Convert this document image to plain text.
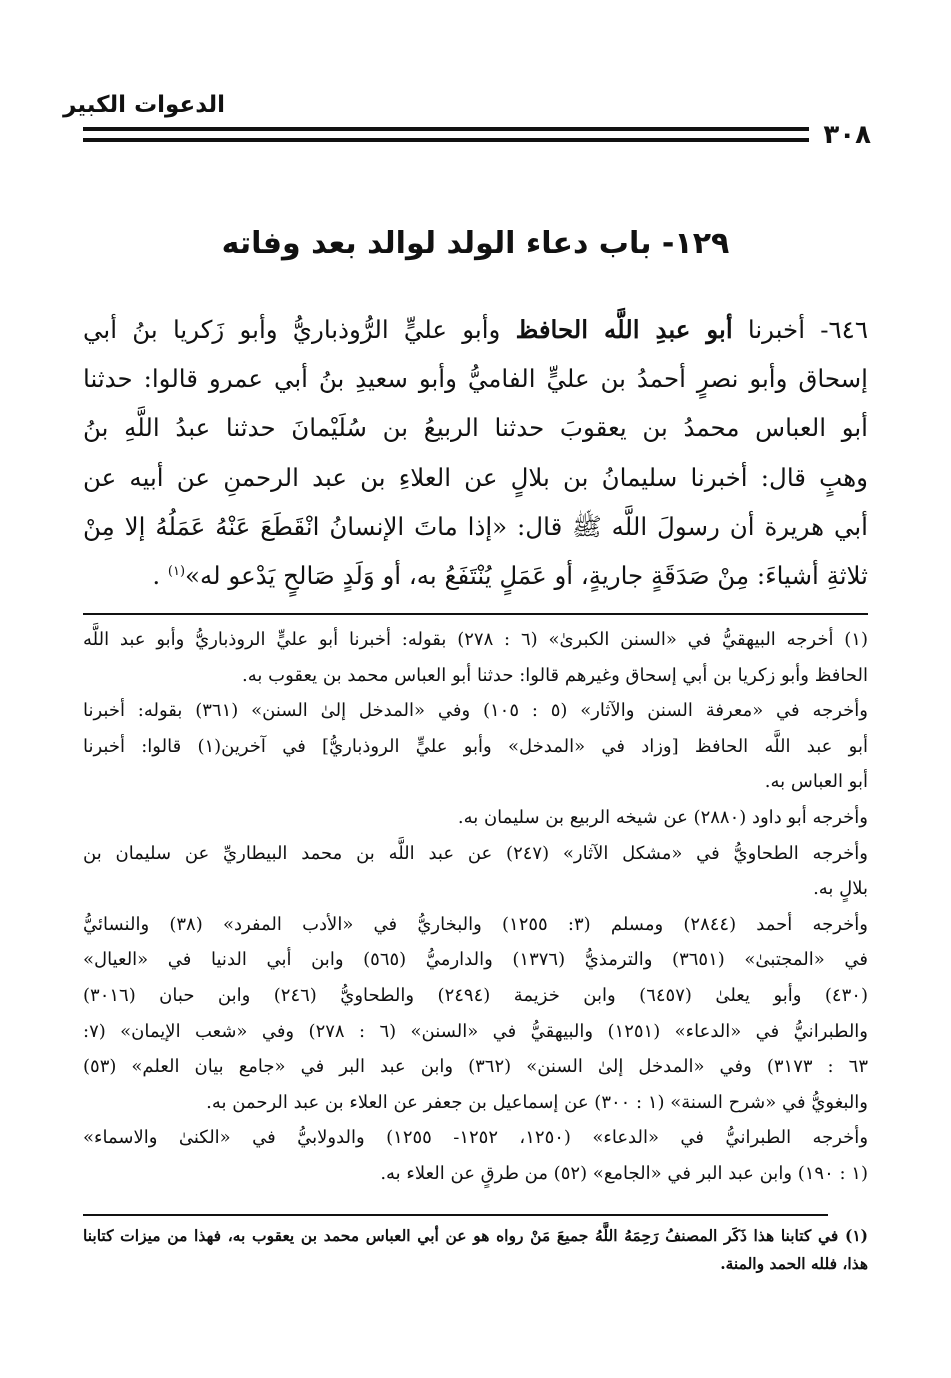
الدعوات الكبير
٣٠٨
١٢٩- باب دعاء الولد لوالد بعد وفاته
٦٤٦- أخبرنا أبو عبدِ اللَّه الحافظ وأبو عليٍّ الرُّوذباريُّ وأبو زَكريا بنُ أبي
إسحاق وأبو نصرٍ أحمدُ بن عليٍّ الفاميُّ وأبو سعيدِ بنُ أبي عمرو قالوا: حدثنا
أبو العباس محمدُ بن يعقوبَ حدثنا الربيعُ بن سُلَيْمانَ حدثنا عبدُ اللَّهِ بنُ
وهبٍ قال: أخبرنا سليمانُ بن بلالٍ عن العلاءِ بن عبد الرحمنِ عن أبيه عن
أبي هريرة أن رسولَ اللَّه ﷺ قال: «إذا ماتَ الإنسانُ انْقَطَعَ عَنْهُ عَمَلُهُ إلا مِنْ
ثلاثةِ أشياءَ: مِنْ صَدَقَةٍ جاريةٍ، أو عَمَلٍ يُنْتَفَعُ به، أو وَلَدٍ صَالحٍ يَدْعو له»$^{(١)}$ .
(١) أخرجه البيهقيُّ في «السنن الكبرىٰ» (٦ : ٢٧٨) بقوله: أخبرنا أبو عليٍّ الروذباريُّ وأبو عبد اللَّه
الحافظ وأبو زكريا بن أبي إسحاق وغيرهم قالوا: حدثنا أبو العباس محمد بن يعقوب به.
وأخرجه في «معرفة السنن والآثار» (٥ : ١٠٥) وفي «المدخل إلىٰ السنن» (٣٦١) بقوله: أخبرنا
أبو عبد اللَّه الحافظ [وزاد في «المدخل» وأبو عليٍّ الروذباريُّ] في آخرين(١) قالوا: أخبرنا
أبو العباس به.
وأخرجه أبو داود (٢٨٨٠) عن شيخه الربيع بن سليمان به.
وأخرجه الطحاويُّ في «مشكل الآثار» (٢٤٧) عن عبد اللَّه بن محمد البيطاريِّ عن سليمان بن
بلالٍ به.
وأخرجه أحمد (٢٨٤٤) ومسلم (٣: ١٢٥٥) والبخاريُّ في «الأدب المفرد» (٣٨) والنسائيُّ
في «المجتبىٰ» (٣٦٥١) والترمذيُّ (١٣٧٦) والدارميُّ (٥٦٥) وابن أبي الدنيا في «العيال»
(٤٣٠) وأبو يعلىٰ (٦٤٥٧) وابن خزيمة (٢٤٩٤) والطحاويُّ (٢٤٦) وابن حبان (٣٠١٦)
والطبرانيُّ في «الدعاء» (١٢٥١) والبيهقيُّ في «السنن» (٦ : ٢٧٨) وفي «شعب الإيمان» (٧:
٦٣ : ٣١٧٣) وفي «المدخل إلىٰ السنن» (٣٦٢) وابن عبد البر في «جامع بيان العلم» (٥٣)
والبغويُّ في «شرح السنة» (١ : ٣٠٠) عن إسماعيل بن جعفر عن العلاء بن عبد الرحمن به.
وأخرجه الطبرانيُّ في «الدعاء» (١٢٥٠، ١٢٥٢- ١٢٥٥) والدولابيُّ في «الكنىٰ والاسماء»
(١ : ١٩٠) وابن عبد البر في «الجامع» (٥٢) من طرقٍ عن العلاء به.
(١) في كتابنا هذا ذَكَر المصنفُ رَحِمَهُ اللَّهُ جميعَ مَنْ رواه هو عن أبي العباس محمد بن يعقوب به، فهذا من ميزات كتابنا
هذا، فلله الحمد والمنة.
